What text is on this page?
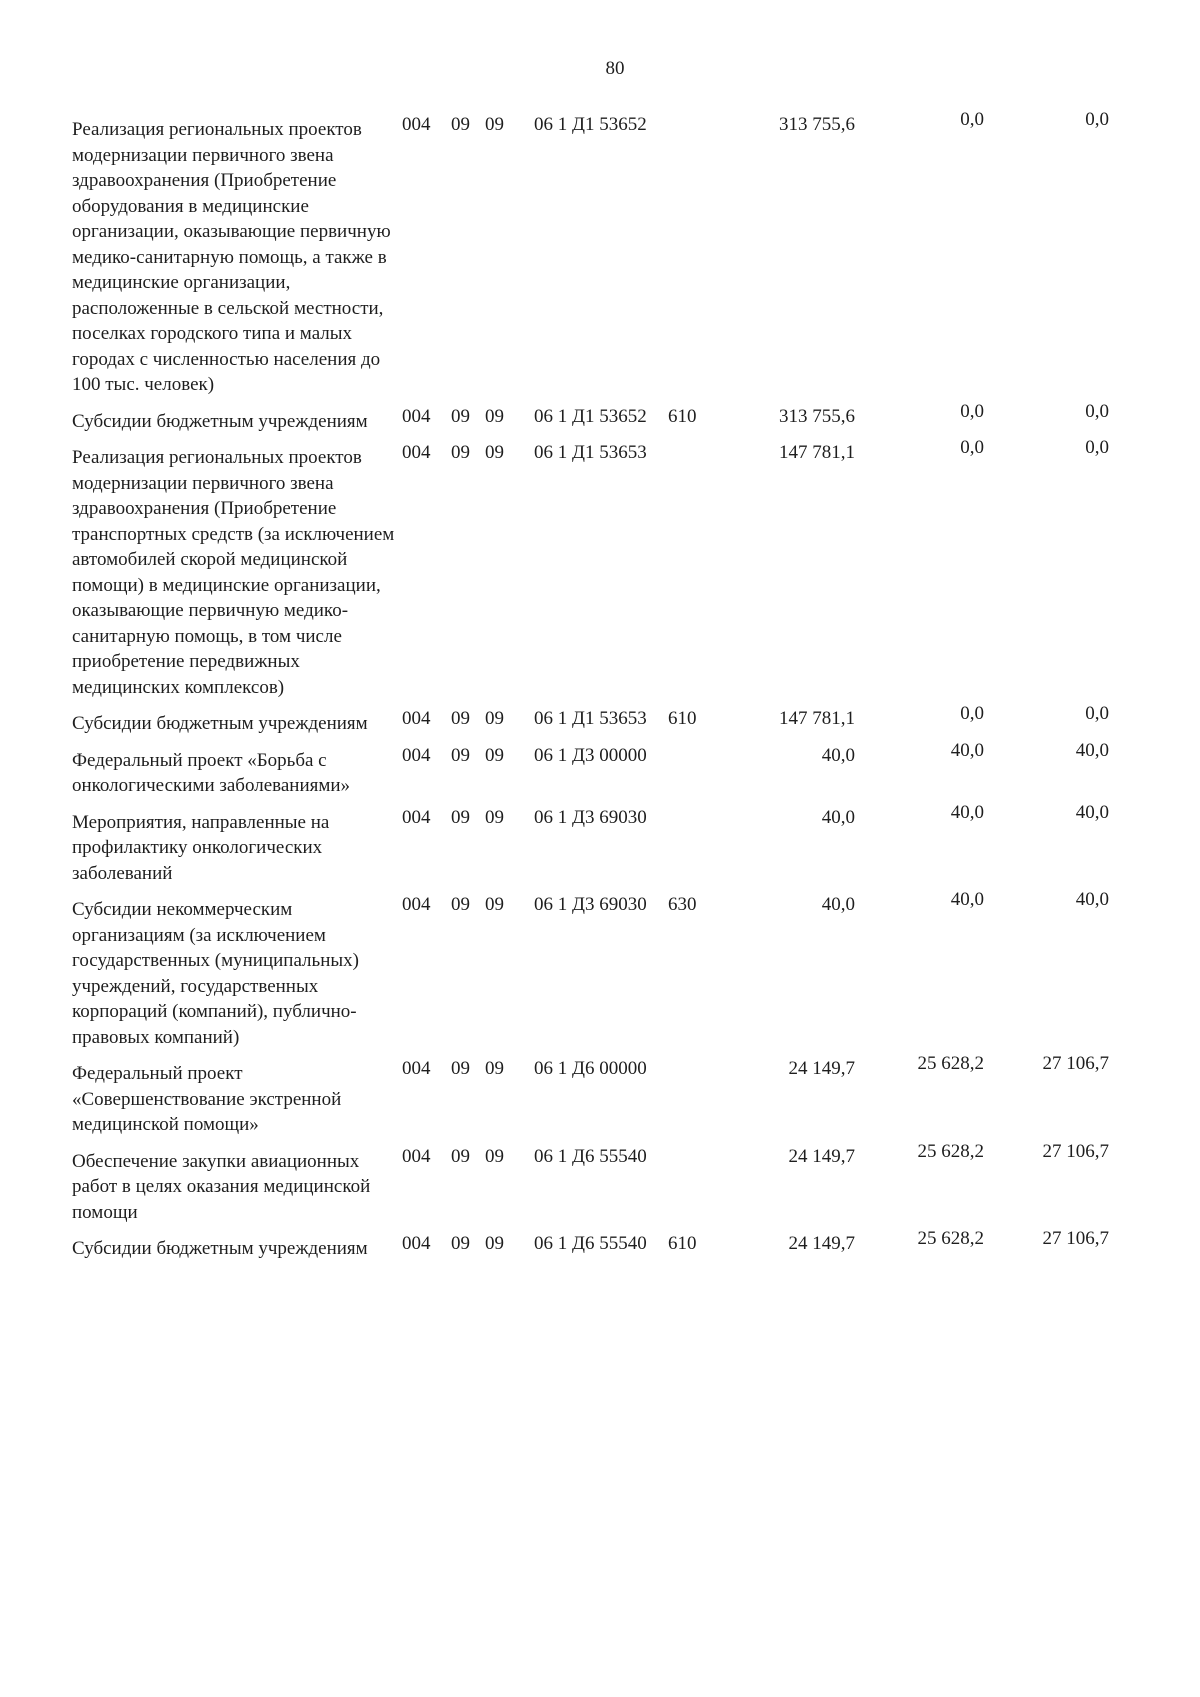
80
Реализация региональных проектов модернизации первичного звена здравоохранения (Приобретение оборудования в медицинские организации, оказывающие первичную медико-санитарную помощь, а также в медицинские организации, расположенные в сельской местности, поселках городского типа и малых городах с численностью населения до 100 тыс. человек)	004	09	09	06 1 Д1 53652		313 755,6	0,0	0,0	
Субсидии бюджетным учреждениям	004	09	09	06 1 Д1 53652	610	313 755,6	0,0	0,0	
Реализация региональных проектов модернизации первичного звена здравоохранения (Приобретение транспортных средств (за исключением автомобилей скорой медицинской помощи) в медицинские организации, оказывающие первичную медико-санитарную помощь, в том числе приобретение передвижных медицинских комплексов)	004	09	09	06 1 Д1 53653		147 781,1	0,0	0,0	
Субсидии бюджетным учреждениям	004	09	09	06 1 Д1 53653	610	147 781,1	0,0	0,0	
Федеральный проект «Борьба с онкологическими заболеваниями»	004	09	09	06 1 Д3 00000		40,0	40,0	40,0	
Мероприятия, направленные на профилактику онкологических заболеваний	004	09	09	06 1 Д3 69030		40,0	40,0	40,0	
Субсидии некоммерческим организациям (за исключением государственных (муниципальных) учреждений, государственных корпораций (компаний), публично-правовых компаний)	004	09	09	06 1 Д3 69030	630	40,0	40,0	40,0	
Федеральный проект «Совершенствование экстренной медицинской помощи»	004	09	09	06 1 Д6 00000		24 149,7	25 628,2	27 106,7	
Обеспечение закупки авиационных работ в целях оказания медицинской помощи	004	09	09	06 1 Д6 55540		24 149,7	25 628,2	27 106,7	
Субсидии бюджетным учреждениям	004	09	09	06 1 Д6 55540	610	24 149,7	25 628,2	27 106,7	
